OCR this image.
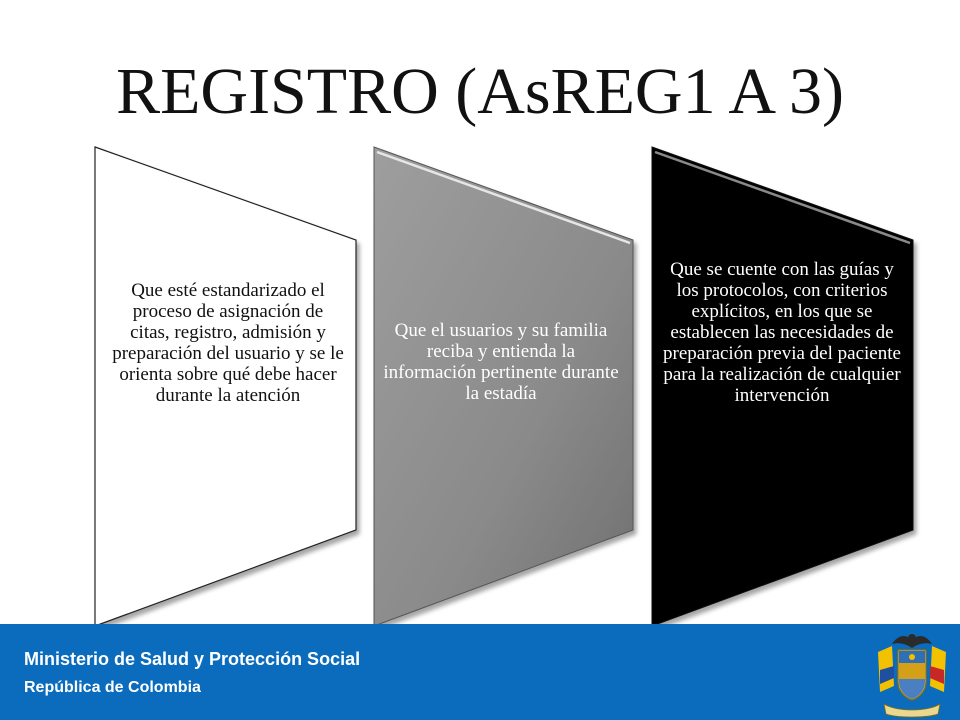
REGISTRO (AsREG1 A 3)
Que esté estandarizado el proceso de asignación de citas, registro, admisión y preparación del usuario y se le orienta sobre qué debe hacer durante la atención
Que el usuarios y su familia reciba y entienda la información pertinente durante la estadía
Que se cuente con las guías y los protocolos, con criterios explícitos, en los que se establecen las necesidades de preparación previa del paciente para la realización de cualquier intervención
Ministerio de Salud y Protección Social
República de Colombia
